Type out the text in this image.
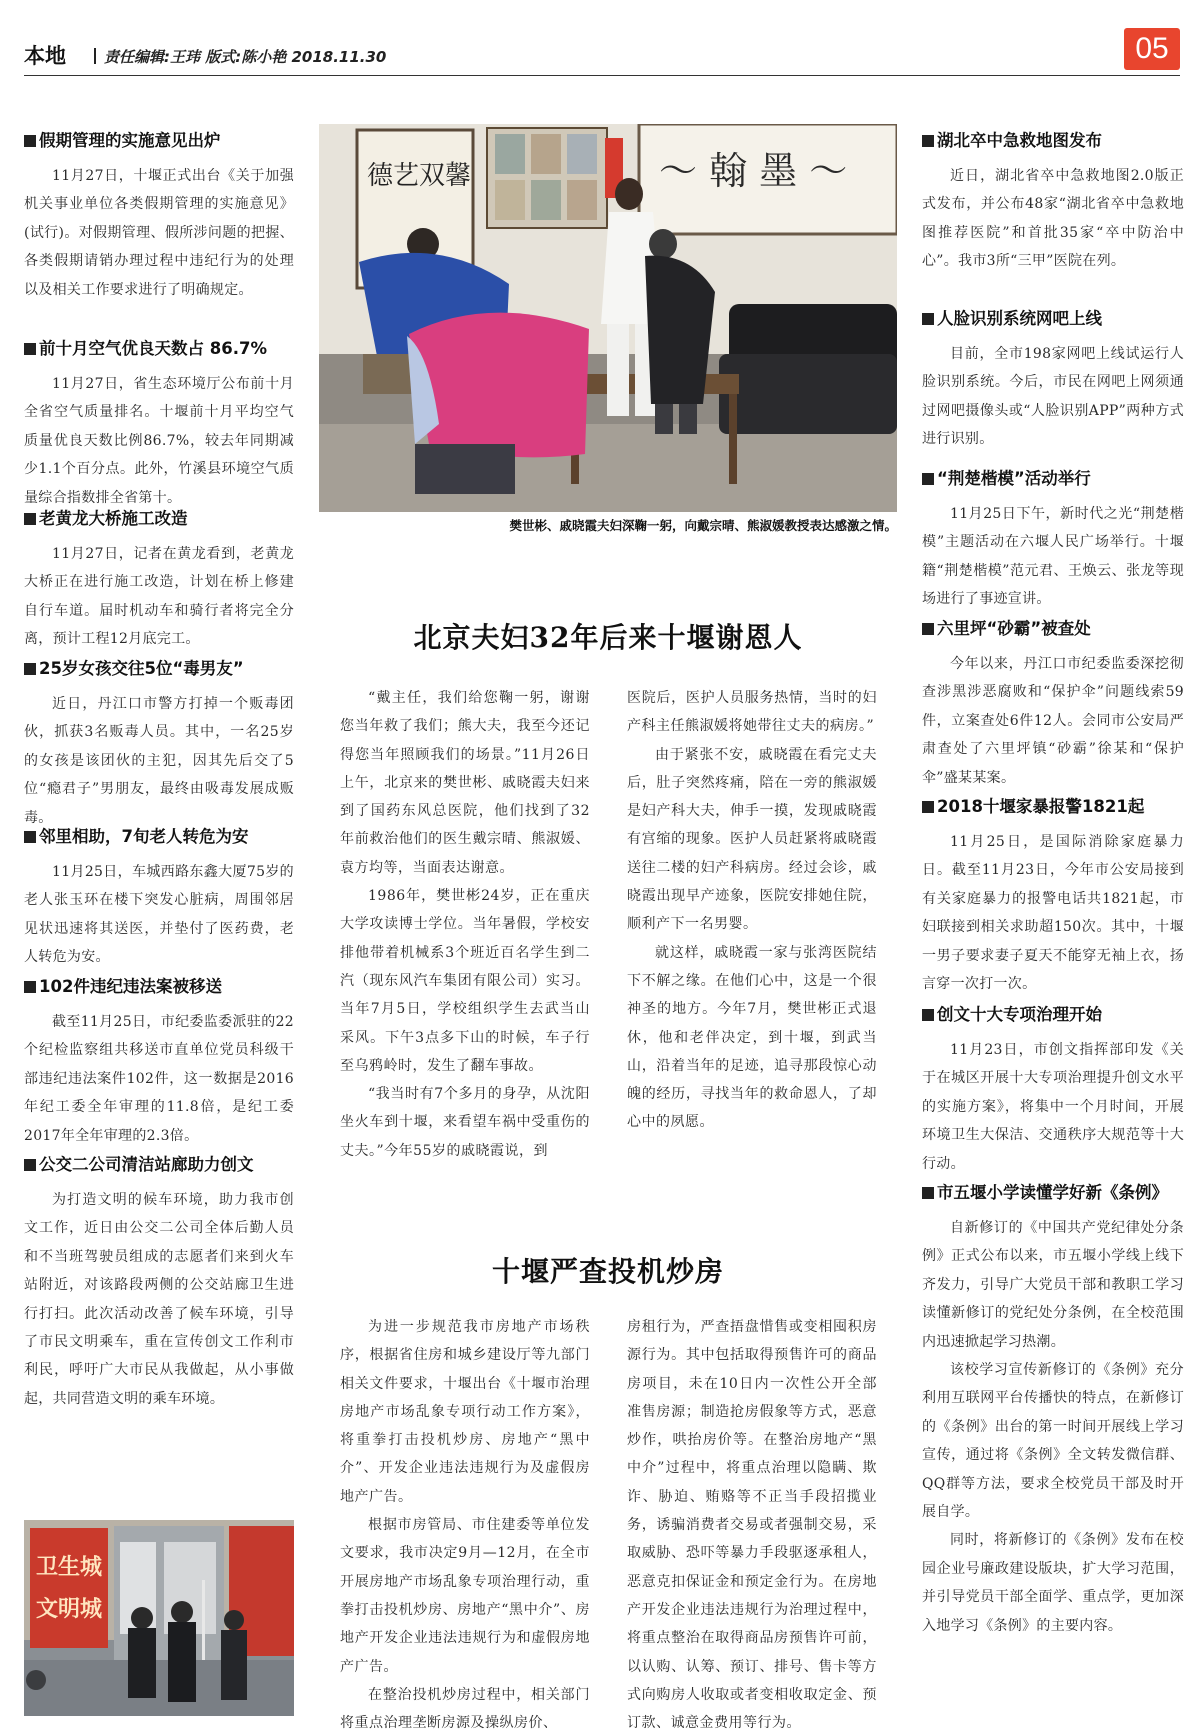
本地	责任编辑:王玮 版式:陈小艳 2018.11.30	05
假期管理的实施意见出炉
11月27日，十堰正式出台《关于加强机关事业单位各类假期管理的实施意见》(试行)。对假期管理、假所涉问题的把握、各类假期请销办理过程中违纪行为的处理以及相关工作要求进行了明确规定。
前十月空气优良天数占 86.7%
11月27日，省生态环境厅公布前十月全省空气质量排名。十堰前十月平均空气质量优良天数比例86.7%，较去年同期减少1.1个百分点。此外，竹溪县环境空气质量综合指数排全省第十。
老黄龙大桥施工改造
11月27日，记者在黄龙看到，老黄龙大桥正在进行施工改造，计划在桥上修建自行车道。届时机动车和骑行者将完全分离，预计工程12月底完工。
25岁女孩交往5位“毒男友”
近日，丹江口市警方打掉一个贩毒团伙，抓获3名贩毒人员。其中，一名25岁的女孩是该团伙的主犯，因其先后交了5位“瘾君子”男朋友，最终由吸毒发展成贩毒。
邻里相助，7旬老人转危为安
11月25日，车城西路东鑫大厦75岁的老人张玉环在楼下突发心脏病，周围邻居见状迅速将其送医，并垫付了医药费，老人转危为安。
102件违纪违法案被移送
截至11月25日，市纪委监委派驻的22个纪检监察组共移送市直单位党员科级干部违纪违法案件102件，这一数据是2016年纪工委全年审理的11.8倍，是纪工委2017年全年审理的2.3倍。
公交二公司清洁站廊助力创文
为打造文明的候车环境，助力我市创文工作，近日由公交二公司全体后勤人员和不当班驾驶员组成的志愿者们来到火车站附近，对该路段两侧的公交站廊卫生进行打扫。此次活动改善了候车环境，引导了市民文明乘车，重在宣传创文工作利市利民，呼吁广大市民从我做起，从小事做起，共同营造文明的乘车环境。
卫生城
文明城
德艺双馨	〜 翰 墨 〜
樊世彬、戚晓霞夫妇深鞠一躬，向戴宗晴、熊淑媛教授表达感激之情。
北京夫妇32年后来十堰谢恩人

“戴主任，我们给您鞠一躬，谢谢您当年救了我们；熊大夫，我至今还记得您当年照顾我们的场景。”11月26日上午，北京来的樊世彬、戚晓霞夫妇来到了国药东风总医院，他们找到了32年前救治他们的医生戴宗晴、熊淑媛、袁方均等，当面表达谢意。

1986年，樊世彬24岁，正在重庆大学攻读博士学位。当年暑假，学校安排他带着机械系3个班近百名学生到二汽（现东风汽车集团有限公司）实习。当年7月5日，学校组织学生去武当山采风。下午3点多下山的时候，车子行至乌鸦岭时，发生了翻车事故。

“我当时有7个多月的身孕，从沈阳坐火车到十堰，来看望车祸中受重伤的丈夫。”今年55岁的戚晓霞说，到

医院后，医护人员服务热情，当时的妇产科主任熊淑媛将她带往丈夫的病房。”

由于紧张不安，戚晓霞在看完丈夫后，肚子突然疼痛，陪在一旁的熊淑媛是妇产科大夫，伸手一摸，发现戚晓霞有宫缩的现象。医护人员赶紧将戚晓霞送往二楼的妇产科病房。经过会诊，戚晓霞出现早产迹象，医院安排她住院，顺利产下一名男婴。

就这样，戚晓霞一家与张湾医院结下不解之缘。在他们心中，这是一个很神圣的地方。今年7月，樊世彬正式退休，他和老伴决定，到十堰，到武当山，沿着当年的足迹，追寻那段惊心动魄的经历，寻找当年的救命恩人，了却心中的夙愿。

十堰严查投机炒房

为进一步规范我市房地产市场秩序，根据省住房和城乡建设厅等九部门相关文件要求，十堰出台《十堰市治理房地产市场乱象专项行动工作方案》，将重拳打击投机炒房、房地产“黑中介”、开发企业违法违规行为及虚假房地产广告。

根据市房管局、市住建委等单位发文要求，我市决定9月—12月，在全市开展房地产市场乱象专项治理行动，重拳打击投机炒房、房地产“黑中介”、房地产开发企业违法违规行为和虚假房地产广告。

在整治投机炒房过程中，相关部门将重点治理垄断房源及操纵房价、

房租行为，严查捂盘惜售或变相囤积房源行为。其中包括取得预售许可的商品房项目，未在10日内一次性公开全部准售房源；制造抢房假象等方式，恶意炒作，哄抬房价等。在整治房地产“黑中介”过程中，将重点治理以隐瞒、欺诈、胁迫、贿赂等不正当手段招揽业务，诱骗消费者交易或者强制交易，采取威胁、恐吓等暴力手段驱逐承租人，恶意克扣保证金和预定金行为。在房地产开发企业违法违规行为治理过程中，将重点整治在取得商品房预售许可前，以认购、认筹、预订、排号、售卡等方式向购房人收取或者变相收取定金、预订款、诚意金费用等行为。

湖北卒中急救地图发布
近日，湖北省卒中急救地图2.0版正式发布，并公布48家“湖北省卒中急救地图推荐医院”和首批35家“卒中防治中心”。我市3所“三甲”医院在列。
人脸识别系统网吧上线
目前，全市198家网吧上线试运行人脸识别系统。今后，市民在网吧上网须通过网吧摄像头或“人脸识别APP”两种方式进行识别。
“荆楚楷模”活动举行
11月25日下午，新时代之光“荆楚楷模”主题活动在六堰人民广场举行。十堰籍“荆楚楷模”范元君、王焕云、张龙等现场进行了事迹宣讲。
六里坪“砂霸”被查处
今年以来，丹江口市纪委监委深挖彻查涉黑涉恶腐败和“保护伞”问题线索59件，立案查处6件12人。会同市公安局严肃查处了六里坪镇“砂霸”徐某和“保护伞”盛某某案。
2018十堰家暴报警1821起
11月25日，是国际消除家庭暴力日。截至11月23日，今年市公安局接到有关家庭暴力的报警电话共1821起，市妇联接到相关求助超150次。其中，十堰一男子要求妻子夏天不能穿无袖上衣，扬言穿一次打一次。
创文十大专项治理开始
11月23日，市创文指挥部印发《关于在城区开展十大专项治理提升创文水平的实施方案》，将集中一个月时间，开展环境卫生大保洁、交通秩序大规范等十大行动。
市五堰小学读懂学好新《条例》
自新修订的《中国共产党纪律处分条例》正式公布以来，市五堰小学线上线下齐发力，引导广大党员干部和教职工学习读懂新修订的党纪处分条例，在全校范围内迅速掀起学习热潮。
该校学习宣传新修订的《条例》充分利用互联网平台传播快的特点，在新修订的《条例》出台的第一时间开展线上学习宣传，通过将《条例》全文转发微信群、QQ群等方法，要求全校党员干部及时开展自学。
同时，将新修订的《条例》发布在校园企业号廉政建设版块，扩大学习范围，并引导党员干部全面学、重点学，更加深入地学习《条例》的主要内容。
